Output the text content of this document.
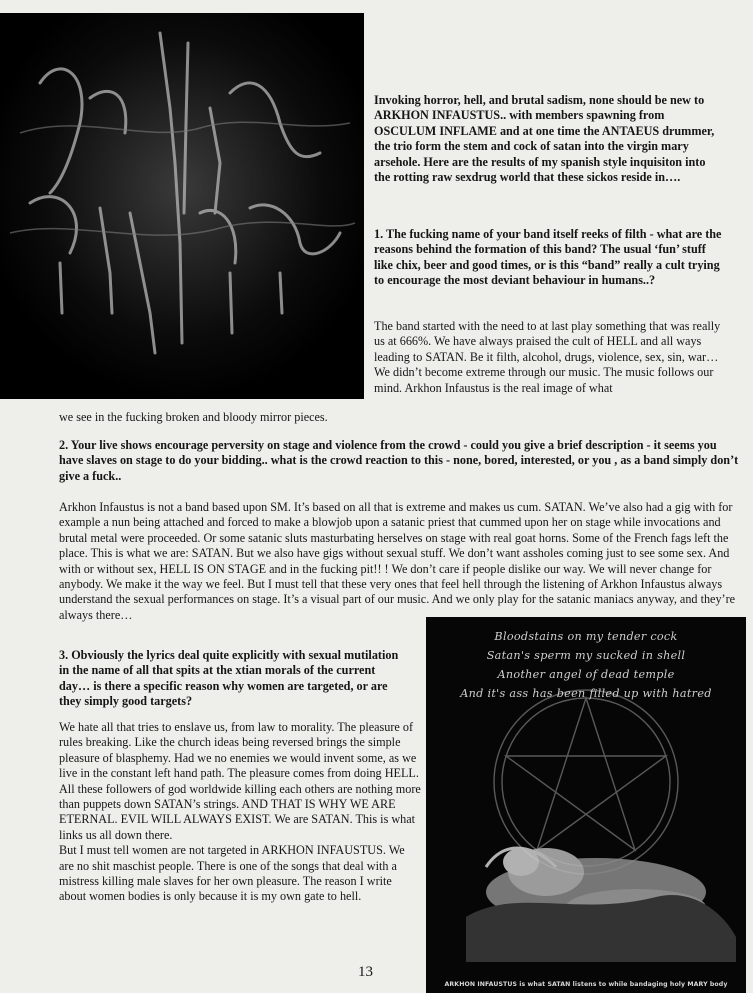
Invoking horror, hell, and brutal sadism, none should be new to ARKHON INFAUSTUS.. with members spawning from OSCULUM INFLAME and at one time the ANTAEUS drummer, the trio form the stem and cock of satan into the virgin mary arsehole. Here are the results of my spanish style inquisiton into the rotting raw sexdrug world that these sickos reside in….
1. The fucking name of your band itself reeks of filth - what are the reasons behind the formation of this band? The usual ‘fun’ stuff like chix, beer and good times, or is this “band” really a cult trying to encourage the most deviant behaviour in humans..?
The band started with the need to at last play something that was really us at 666%. We have always praised the cult of HELL and all ways leading to SATAN. Be it filth, alcohol, drugs, violence, sex, sin, war… We didn’t become extreme through our music. The music follows our mind. Arkhon Infaustus is the real image of what
we see in the fucking broken and bloody mirror pieces.
2. Your live shows encourage perversity on stage and violence from the crowd - could you give a brief description - it seems you have slaves on stage to do your bidding.. what is the crowd reaction to this - none, bored, interested, or you , as a band simply don’t give a fuck..
Arkhon Infaustus is not a band based upon SM. It’s based on all that is extreme and makes us cum. SATAN. We’ve also had a gig with for example a nun being attached and forced to make a blowjob upon a satanic priest that cummed upon her on stage while invocations and brutal metal were proceeded. Or some satanic sluts masturbating herselves on stage with real goat horns. Some of the French fags left the place. This is what we are: SATAN. But we also have gigs without sexual stuff. We don’t want assholes coming just to see some sex. And with or without sex, HELL IS ON STAGE and in the fucking pit!! ! We don’t care if people dislike our way. We will never change for anybody. We make it the way we feel. But I must tell that these very ones that feel hell through the listening of Arkhon Infaustus always understand the sexual performances on stage. It’s a visual part of our music. And we only play for the satanic maniacs anyway, and they’re always there…
3. Obviously the lyrics deal quite explicitly with sexual mutilation in the name of all that spits at the xtian morals of the current day… is there a specific reason why women are targeted, or are they simply good targets?
We hate all that tries to enslave us, from law to morality. The pleasure of rules breaking. Like the church ideas being reversed brings the simple pleasure of blasphemy. Had we no enemies we would invent some, as we live in the constant left hand path. The pleasure comes from doing HELL. All these followers of god worldwide killing each others are nothing more than puppets down SATAN’s strings. AND THAT IS WHY WE ARE ETERNAL. EVIL WILL ALWAYS EXIST. We are SATAN. This is what links us all down there.
But I must tell women are not targeted in ARKHON INFAUSTUS. We are no shit maschist people. There is one of the songs that deal with a mistress killing male slaves for her own pleasure. The reason I write about women bodies is only because it is my own gate to hell.
Bloodstains on my tender cock
Satan's sperm my sucked in shell
Another angel of dead temple
And it's ass has been filled up with hatred
ARKHON INFAUSTUS is what SATAN listens to while bandaging holy MARY body
13
